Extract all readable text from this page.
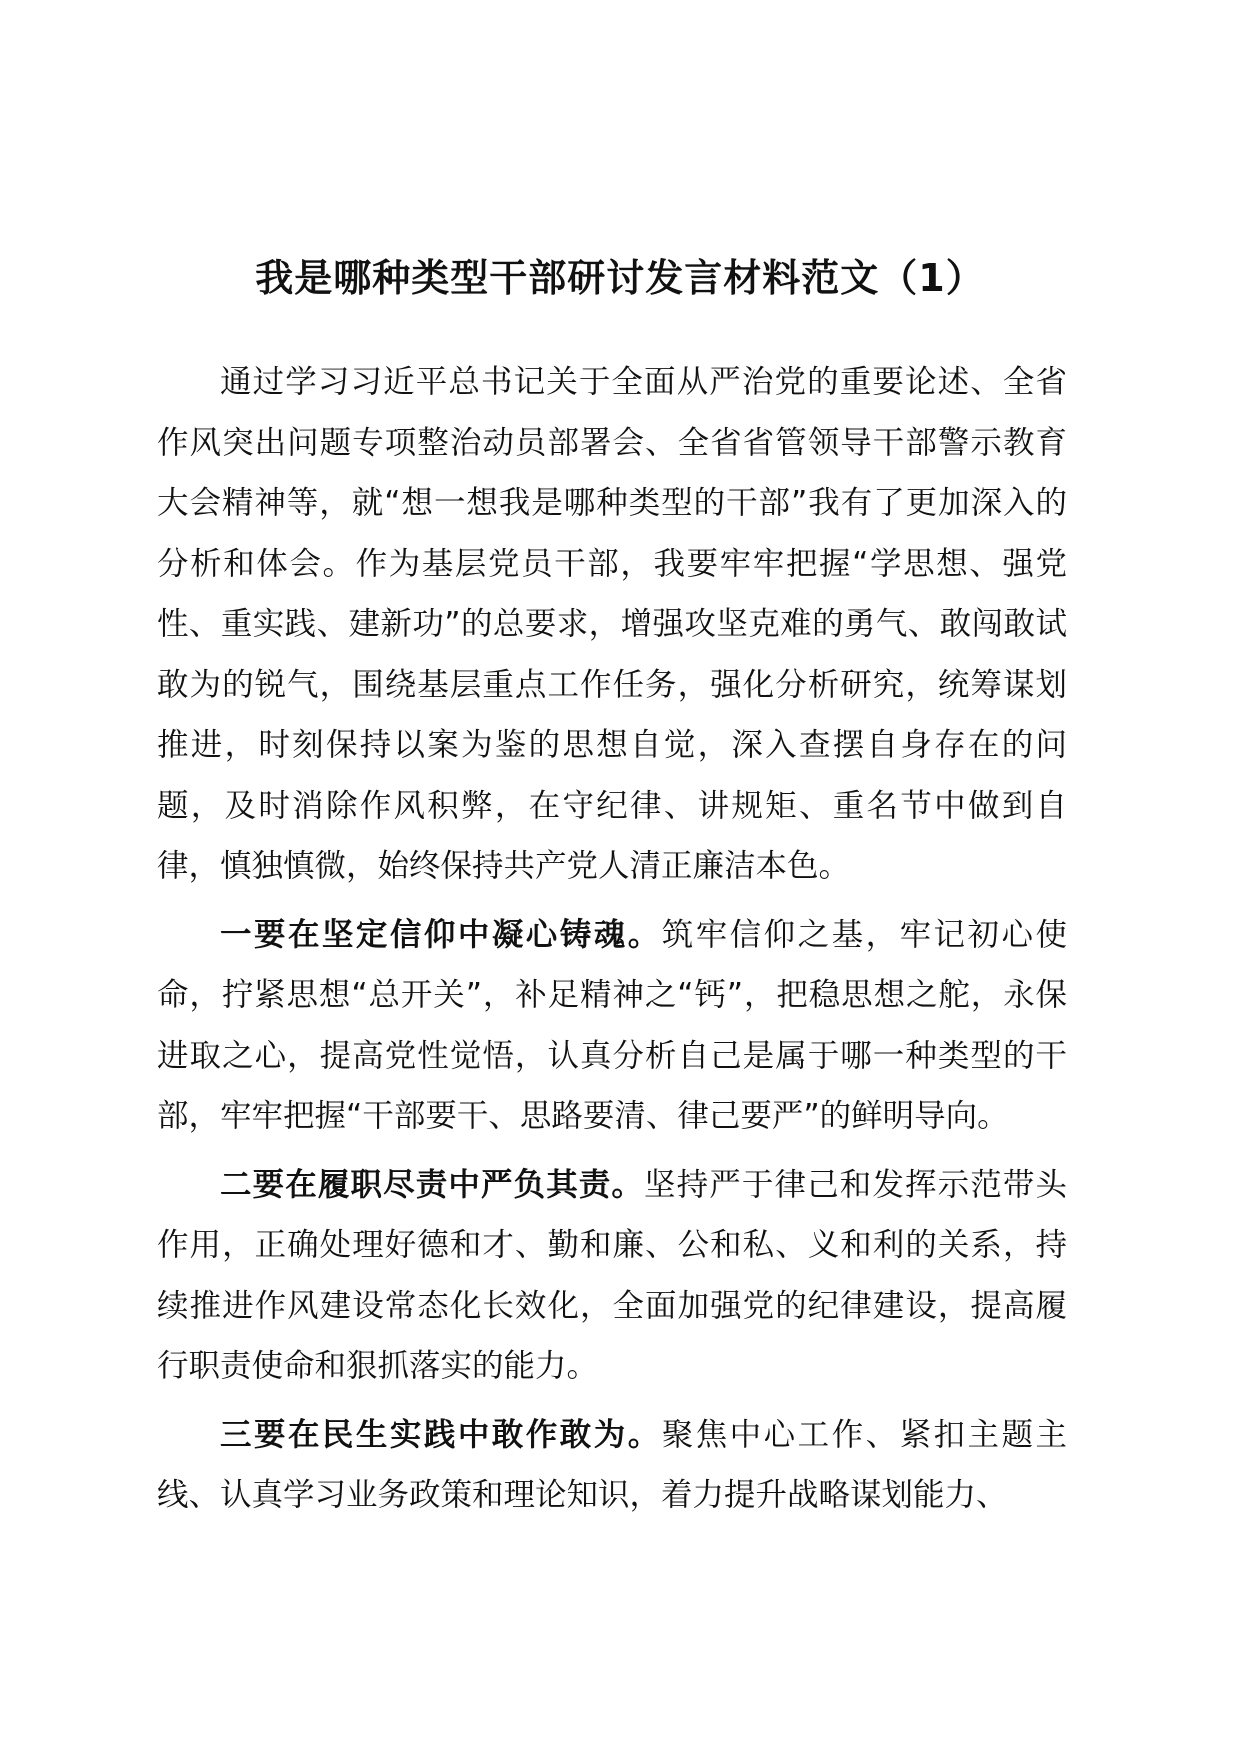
我是哪种类型干部研讨发言材料范文（1）

通过学习习近平总书记关于全面从严治党的重要论述、全省作风突出问题专项整治动员部署会、全省省管领导干部警示教育大会精神等，就“想一想我是哪种类型的干部”我有了更加深入的分析和体会。作为基层党员干部，我要牢牢把握“学思想、强党性、重实践、建新功”的总要求，增强攻坚克难的勇气、敢闯敢试敢为的锐气，围绕基层重点工作任务，强化分析研究，统筹谋划推进，时刻保持以案为鉴的思想自觉，深入查摆自身存在的问题，及时消除作风积弊，在守纪律、讲规矩、重名节中做到自律，慎独慎微，始终保持共产党人清正廉洁本色。

一要在坚定信仰中凝心铸魂。筑牢信仰之基，牢记初心使命，拧紧思想“总开关”，补足精神之“钙”，把稳思想之舵，永保进取之心，提高党性觉悟，认真分析自己是属于哪一种类型的干部，牢牢把握“干部要干、思路要清、律己要严”的鲜明导向。

二要在履职尽责中严负其责。坚持严于律己和发挥示范带头作用，正确处理好德和才、勤和廉、公和私、义和利的关系，持续推进作风建设常态化长效化，全面加强党的纪律建设，提高履行职责使命和狠抓落实的能力。

三要在民生实践中敢作敢为。聚焦中心工作、紧扣主题主线、认真学习业务政策和理论知识，着力提升战略谋划能力、
